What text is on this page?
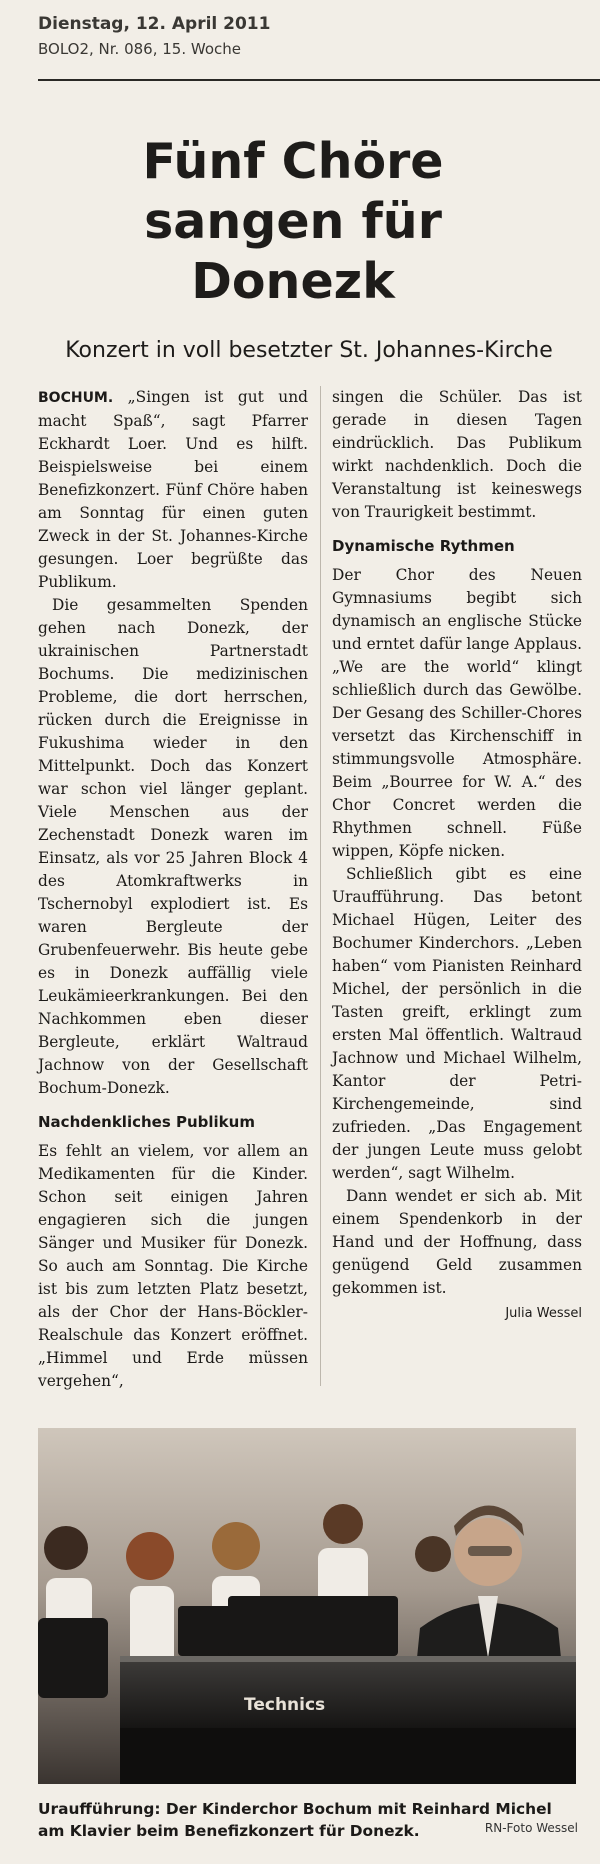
Dienstag, 12. April 2011
BOLO2, Nr. 086, 15. Woche
Fünf Chöre
sangen für
Donezk
Konzert in voll besetzter St. Johannes-Kirche

BOCHUM. „Singen ist gut und macht Spaß“, sagt Pfarrer Eckhardt Loer. Und es hilft. Beispielsweise bei einem Benefizkonzert. Fünf Chöre haben am Sonntag für einen guten Zweck in der St. Johannes-Kirche gesungen. Loer begrüßte das Publikum.

Die gesammelten Spenden gehen nach Donezk, der ukrainischen Partnerstadt Bochums. Die medizinischen Probleme, die dort herrschen, rücken durch die Ereignisse in Fukushima wieder in den Mittelpunkt. Doch das Konzert war schon viel länger geplant. Viele Menschen aus der Zechenstadt Donezk waren im Einsatz, als vor 25 Jahren Block 4 des Atomkraftwerks in Tschernobyl explodiert ist. Es waren Bergleute der Grubenfeuerwehr. Bis heute gebe es in Donezk auffällig viele Leukämieerkrankungen. Bei den Nachkommen eben dieser Bergleute, erklärt Waltraud Jachnow von der Gesellschaft Bochum-Donezk.

Nachdenkliches Publikum

Es fehlt an vielem, vor allem an Medikamenten für die Kinder. Schon seit einigen Jahren engagieren sich die jungen Sänger und Musiker für Donezk. So auch am Sonntag. Die Kirche ist bis zum letzten Platz besetzt, als der Chor der Hans-Böckler-Realschule das Konzert eröffnet. „Himmel und Erde müssen vergehen“,

singen die Schüler. Das ist gerade in diesen Tagen eindrücklich. Das Publikum wirkt nachdenklich. Doch die Veranstaltung ist keineswegs von Traurigkeit bestimmt.

Dynamische Rythmen

Der Chor des Neuen Gymnasiums begibt sich dynamisch an englische Stücke und erntet dafür lange Applaus. „We are the world“ klingt schließlich durch das Gewölbe. Der Gesang des Schiller-Chores versetzt das Kirchenschiff in stimmungsvolle Atmosphäre. Beim „Bourree for W. A.“ des Chor Concret werden die Rhythmen schnell. Füße wippen, Köpfe nicken.

Schließlich gibt es eine Uraufführung. Das betont Michael Hügen, Leiter des Bochumer Kinderchors. „Leben haben“ vom Pianisten Reinhard Michel, der persönlich in die Tasten greift, erklingt zum ersten Mal öffentlich. Waltraud Jachnow und Michael Wilhelm, Kantor der Petri-Kirchengemeinde, sind zufrieden. „Das Engagement der jungen Leute muss gelobt werden“, sagt Wilhelm.

Dann wendet er sich ab. Mit einem Spendenkorb in der Hand und der Hoffnung, dass genügend Geld zusammen gekommen ist.

Julia Wessel
Technics
Uraufführung: Der Kinderchor Bochum mit Reinhard Michel am Klavier beim Benefizkonzert für Donezk.	RN-Foto Wessel
